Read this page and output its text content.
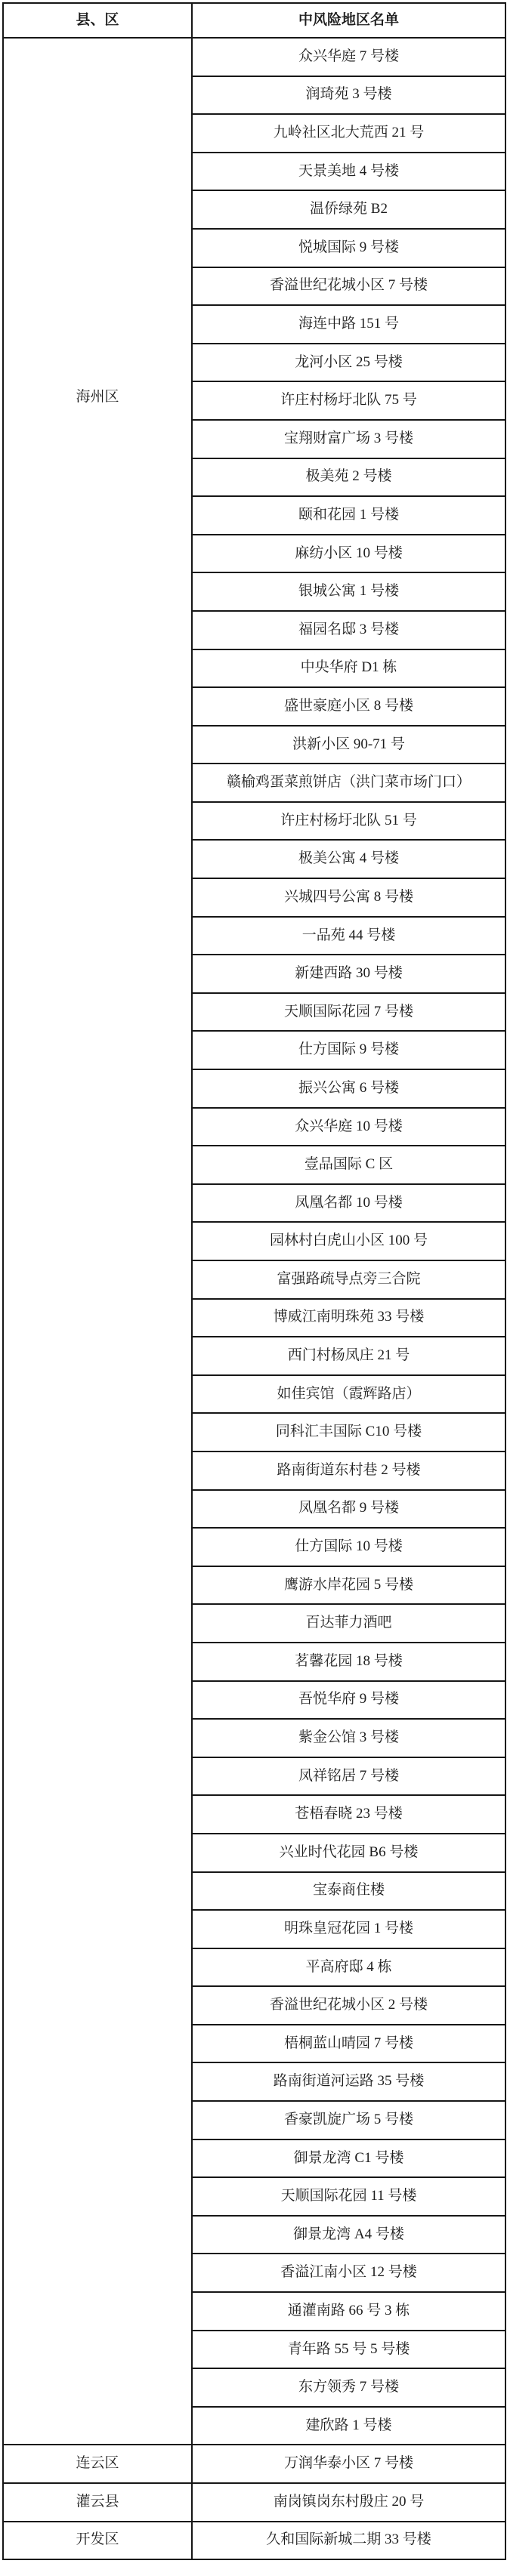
县、区	中风险地区名单

海州区	众兴华庭 7 号楼
	润琦苑 3 号楼
	九岭社区北大荒西 21 号
	天景美地 4 号楼
	温侨绿苑 B2
	悦城国际 9 号楼
	香溢世纪花城小区 7 号楼
	海连中路 151 号
	龙河小区 25 号楼
	许庄村杨圩北队 75 号
	宝翔财富广场 3 号楼
	极美苑 2 号楼
	颐和花园 1 号楼
	麻纺小区 10 号楼
	银城公寓 1 号楼
	福园名邸 3 号楼
	中央华府 D1 栋
	盛世豪庭小区 8 号楼
	洪新小区 90-71 号
	赣榆鸡蛋菜煎饼店（洪门菜市场门口）
	许庄村杨圩北队 51 号
	极美公寓 4 号楼
	兴城四号公寓 8 号楼
	一品苑 44 号楼
	新建西路 30 号楼
	天顺国际花园 7 号楼
	仕方国际 9 号楼
	振兴公寓 6 号楼
	众兴华庭 10 号楼
	壹品国际 C 区
	凤凰名都 10 号楼
	园林村白虎山小区 100 号
	富强路疏导点旁三合院
	博威江南明珠苑 33 号楼
	西门村杨凤庄 21 号
	如佳宾馆（霞辉路店）
	同科汇丰国际 C10 号楼
	路南街道东村巷 2 号楼
	凤凰名都 9 号楼
	仕方国际 10 号楼
	鹰游水岸花园 5 号楼
	百达菲力酒吧
	茗馨花园 18 号楼
	吾悦华府 9 号楼
	紫金公馆 3 号楼
	凤祥铭居 7 号楼
	苍梧春晓 23 号楼
	兴业时代花园 B6 号楼
	宝泰商住楼
	明珠皇冠花园 1 号楼
	平高府邸 4 栋
	香溢世纪花城小区 2 号楼
	梧桐蓝山晴园 7 号楼
	路南街道河运路 35 号楼
	香豪凯旋广场 5 号楼
	御景龙湾 C1 号楼
	天顺国际花园 11 号楼
	御景龙湾 A4 号楼
	香溢江南小区 12 号楼
	通灌南路 66 号 3 栋
	青年路 55 号 5 号楼
	东方领秀 7 号楼
	建欣路 1 号楼

连云区	万润华泰小区 7 号楼

灌云县	南岗镇岗东村殷庄 20 号

开发区	久和国际新城二期 33 号楼
